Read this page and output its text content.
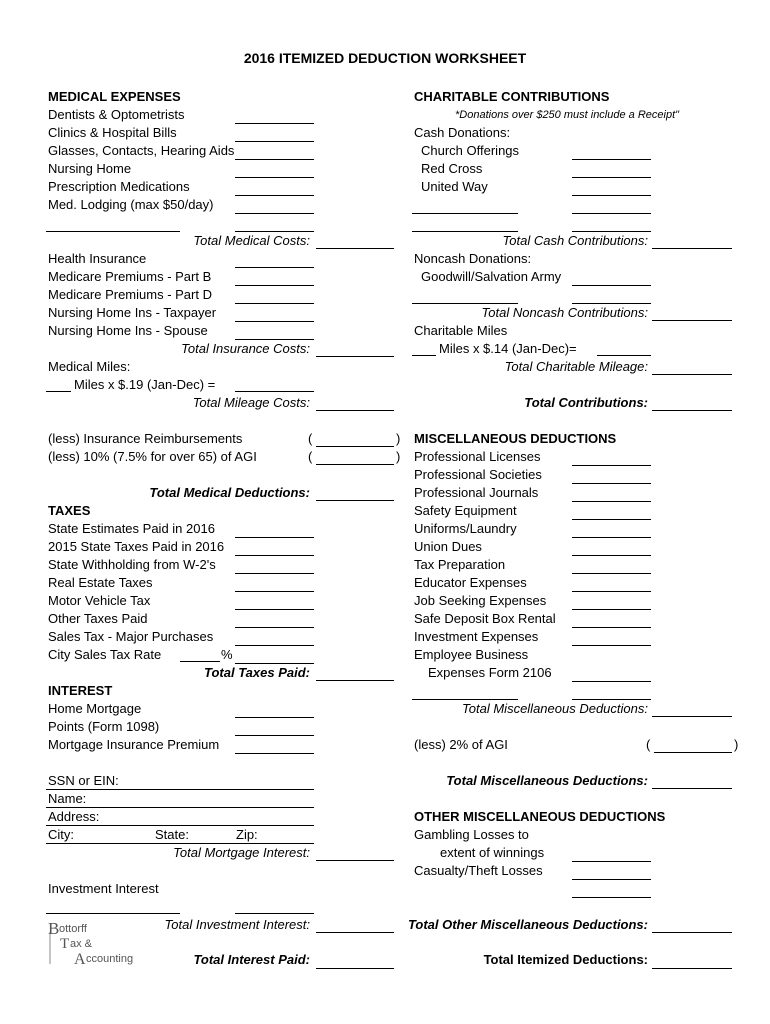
2016 ITEMIZED DEDUCTION WORKSHEET
MEDICAL EXPENSES
Dentists & Optometrists
Clinics & Hospital Bills
Glasses, Contacts, Hearing Aids
Nursing Home
Prescription Medications
Med. Lodging (max $50/day)
Total Medical Costs:
Health Insurance
Medicare Premiums - Part B
Medicare Premiums - Part D
Nursing Home Ins - Taxpayer
Nursing Home Ins - Spouse
Total Insurance Costs:
Medical Miles:
Miles x $.19 (Jan-Dec) =
Total Mileage Costs:
(less) Insurance Reimbursements	(	)
(less) 10% (7.5% for over 65) of AGI	(	)
Total Medical Deductions:
TAXES
State Estimates Paid in 2016
2015 State Taxes Paid in 2016
State Withholding from W-2's
Real Estate Taxes
Motor Vehicle Tax
Other Taxes Paid
Sales Tax - Major Purchases
City Sales Tax Rate	%
Total Taxes Paid:
INTEREST
Home Mortgage
Points (Form 1098)
Mortgage Insurance Premium
SSN or EIN:
Name:
Address:
City:	State:	Zip:
Total Mortgage Interest:
Investment Interest
Total Investment Interest:
Total Interest Paid:
B ottorff
T ax &
A ccounting
CHARITABLE CONTRIBUTIONS
*Donations over $250 must include a Receipt"
Cash Donations:
Church Offerings
Red Cross
United Way
Total Cash Contributions:
Noncash Donations:
Goodwill/Salvation Army
Total Noncash Contributions:
Charitable Miles
Miles x $.14 (Jan-Dec)=
Total Charitable Mileage:
Total Contributions:
MISCELLANEOUS DEDUCTIONS
Professional Licenses
Professional Societies
Professional Journals
Safety Equipment
Uniforms/Laundry
Union Dues
Tax Preparation
Educator Expenses
Job Seeking Expenses
Safe Deposit Box Rental
Investment Expenses
Employee Business
Expenses Form 2106
Total Miscellaneous Deductions:
(less) 2% of AGI	(	)
Total Miscellaneous Deductions:
OTHER MISCELLANEOUS DEDUCTIONS
Gambling Losses to
extent of winnings
Casualty/Theft Losses
Total Other Miscellaneous Deductions:
Total Itemized Deductions:
